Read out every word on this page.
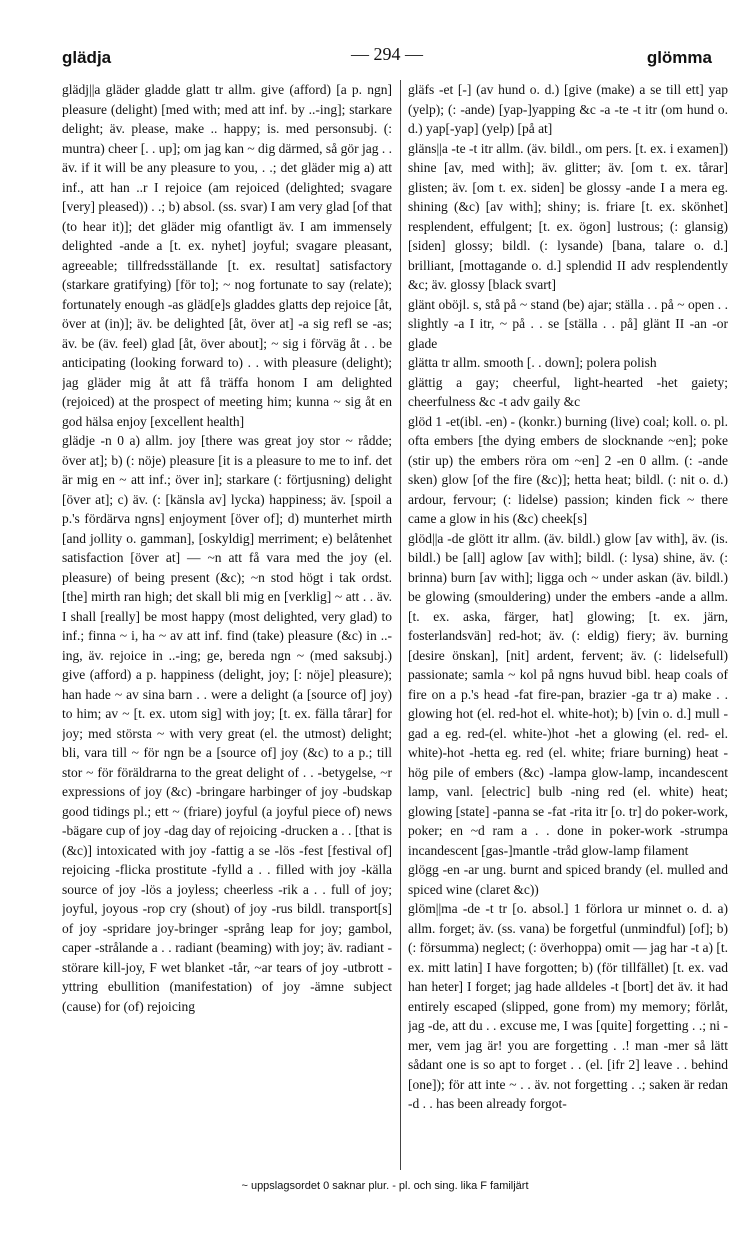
glädja	— 294 —	glömma

glädj||a gläder gladde glatt tr allm. give (afford) [a p. ngn] pleasure (delight) [med with; med att inf. by ..-ing]; starkare delight; äv. please, make .. happy; is. med personsubj. (: muntra) cheer [. . up]; om jag kan ~ dig därmed, så gör jag . . äv. if it will be any pleasure to you, . .; det gläder mig a) att inf., att han ..r I rejoice (am rejoiced (delighted; svagare [very] pleased)) . .; b) absol. (ss. svar) I am very glad [of that (to hear it)]; det gläder mig ofantligt äv. I am immensely delighted -ande a [t. ex. nyhet] joyful; svagare pleasant, agreeable; tillfredsställande [t. ex. resultat] satisfactory (starkare gratifying) [för to]; ~ nog fortunate to say (relate); fortunately enough -as gläd[e]s gladdes glatts dep rejoice [åt, över at (in)]; äv. be delighted [åt, över at] -a sig refl se -as; äv. be (äv. feel) glad [åt, över about]; ~ sig i förväg åt . . be anticipating (looking forward to) . . with pleasure (delight); jag gläder mig åt att få träffa honom I am delighted (rejoiced) at the prospect of meeting him; kunna ~ sig åt en god hälsa enjoy [excellent health]

glädje -n 0 a) allm. joy [there was great joy stor ~ rådde; över at]; b) (: nöje) pleasure [it is a pleasure to me to inf. det är mig en ~ att inf.; över in]; starkare (: förtjusning) delight [över at]; c) äv. (: [känsla av] lycka) happiness; äv. [spoil a p.'s fördärva ngns] enjoyment [över of]; d) munterhet mirth [and jollity o. gamman], [oskyldig] merriment; e) belåtenhet satisfaction [över at] — ~n att få vara med the joy (el. pleasure) of being present (&c); ~n stod högt i tak ordst. [the] mirth ran high; det skall bli mig en [verklig] ~ att . . äv. I shall [really] be most happy (most delighted, very glad) to inf.; finna ~ i, ha ~ av att inf. find (take) pleasure (&c) in ..-ing, äv. rejoice in ..-ing; ge, bereda ngn ~ (med saksubj.) give (afford) a p. happiness (delight, joy; [: nöje] pleasure); han hade ~ av sina barn . . were a delight (a [source of] joy) to him; av ~ [t. ex. utom sig] with joy; [t. ex. fälla tårar] for joy; med största ~ with very great (el. the utmost) delight; bli, vara till ~ för ngn be a [source of] joy (&c) to a p.; till stor ~ för föräldrarna to the great delight of . . -betygelse, ~r expressions of joy (&c) -bringare harbinger of joy -budskap good tidings pl.; ett ~ (friare) joyful (a joyful piece of) news -bägare cup of joy -dag day of rejoicing -drucken a . . [that is (&c)] intoxicated with joy -fattig a se -lös -fest [festival of] rejoicing -flicka prostitute -fylld a . . filled with joy -källa source of joy -lös a joyless; cheerless -rik a . . full of joy; joyful, joyous -rop cry (shout) of joy -rus bildl. transport[s] of joy -spridare joy-bringer -språng leap for joy; gambol, caper -strålande a . . radiant (beaming) with joy; äv. radiant -störare kill-joy, F wet blanket -tår, ~ar tears of joy -utbrott -yttring ebullition (manifestation) of joy -ämne subject (cause) for (of) rejoicing

gläfs -et [-] (av hund o. d.) [give (make) a se till ett] yap (yelp); (: -ande) [yap-]yapping &c -a -te -t itr (om hund o. d.) yap[-yap] (yelp) [på at]

gläns||a -te -t itr allm. (äv. bildl., om pers. [t. ex. i examen]) shine [av, med with]; äv. glitter; äv. [om t. ex. tårar] glisten; äv. [om t. ex. siden] be glossy -ande I a mera eg. shining (&c) [av with]; shiny; is. friare [t. ex. skönhet] resplendent, effulgent; [t. ex. ögon] lustrous; (: glansig) [siden] glossy; bildl. (: lysande) [bana, talare o. d.] brilliant, [mottagande o. d.] splendid II adv resplendently &c; äv. glossy [black svart]

glänt oböjl. s, stå på ~ stand (be) ajar; ställa . . på ~ open . . slightly -a I itr, ~ på . . se [ställa . . på] glänt II -an -or glade

glätta tr allm. smooth [. . down]; polera polish

glättig a gay; cheerful, light-hearted -het gaiety; cheerfulness &c -t adv gaily &c

glöd 1 -et(ibl. -en) - (konkr.) burning (live) coal; koll. o. pl. ofta embers [the dying embers de slocknande ~en]; poke (stir up) the embers röra om ~en] 2 -en 0 allm. (: -ande sken) glow [of the fire (&c)]; hetta heat; bildl. (: nit o. d.) ardour, fervour; (: lidelse) passion; kinden fick ~ there came a glow in his (&c) cheek[s]

glöd||a -de glött itr allm. (äv. bildl.) glow [av with], äv. (is. bildl.) be [all] aglow [av with]; bildl. (: lysa) shine, äv. (: brinna) burn [av with]; ligga och ~ under askan (äv. bildl.) be glowing (smouldering) under the embers -ande a allm. [t. ex. aska, färger, hat] glowing; [t. ex. järn, fosterlandsvän] red-hot; äv. (: eldig) fiery; äv. burning [desire önskan], [nit] ardent, fervent; äv. (: lidelsefull) passionate; samla ~ kol på ngns huvud bibl. heap coals of fire on a p.'s head -fat fire-pan, brazier -ga tr a) make . . glowing hot (el. red-hot el. white-hot); b) [vin o. d.] mull -gad a eg. red-(el. white-)hot -het a glowing (el. red- el. white)-hot -hetta eg. red (el. white; friare burning) heat -hög pile of embers (&c) -lampa glow-lamp, incandescent lamp, vanl. [electric] bulb -ning red (el. white) heat; glowing [state] -panna se -fat -rita itr [o. tr] do poker-work, poker; en ~d ram a . . done in poker-work -strumpa incandescent [gas-]mantle -tråd glow-lamp filament

glögg -en -ar ung. burnt and spiced brandy (el. mulled and spiced wine (claret &c))

glöm||ma -de -t tr [o. absol.] 1 förlora ur minnet o. d. a) allm. forget; äv. (ss. vana) be forgetful (unmindful) [of]; b) (: försumma) neglect; (: överhoppa) omit — jag har -t a) [t. ex. mitt latin] I have forgotten; b) (för tillfället) [t. ex. vad han heter] I forget; jag hade alldeles -t [bort] det äv. it had entirely escaped (slipped, gone from) my memory; förlåt, jag -de, att du . . excuse me, I was [quite] forgetting . .; ni -mer, vem jag är! you are forgetting . .! man -mer så lätt sådant one is so apt to forget . . (el. [ifr 2] leave . . behind [one]); för att inte ~ . . äv. not forgetting . .; saken är redan -d . . has been already forgot-

~ uppslagsordet 0 saknar plur. - pl. och sing. lika F familjärt
